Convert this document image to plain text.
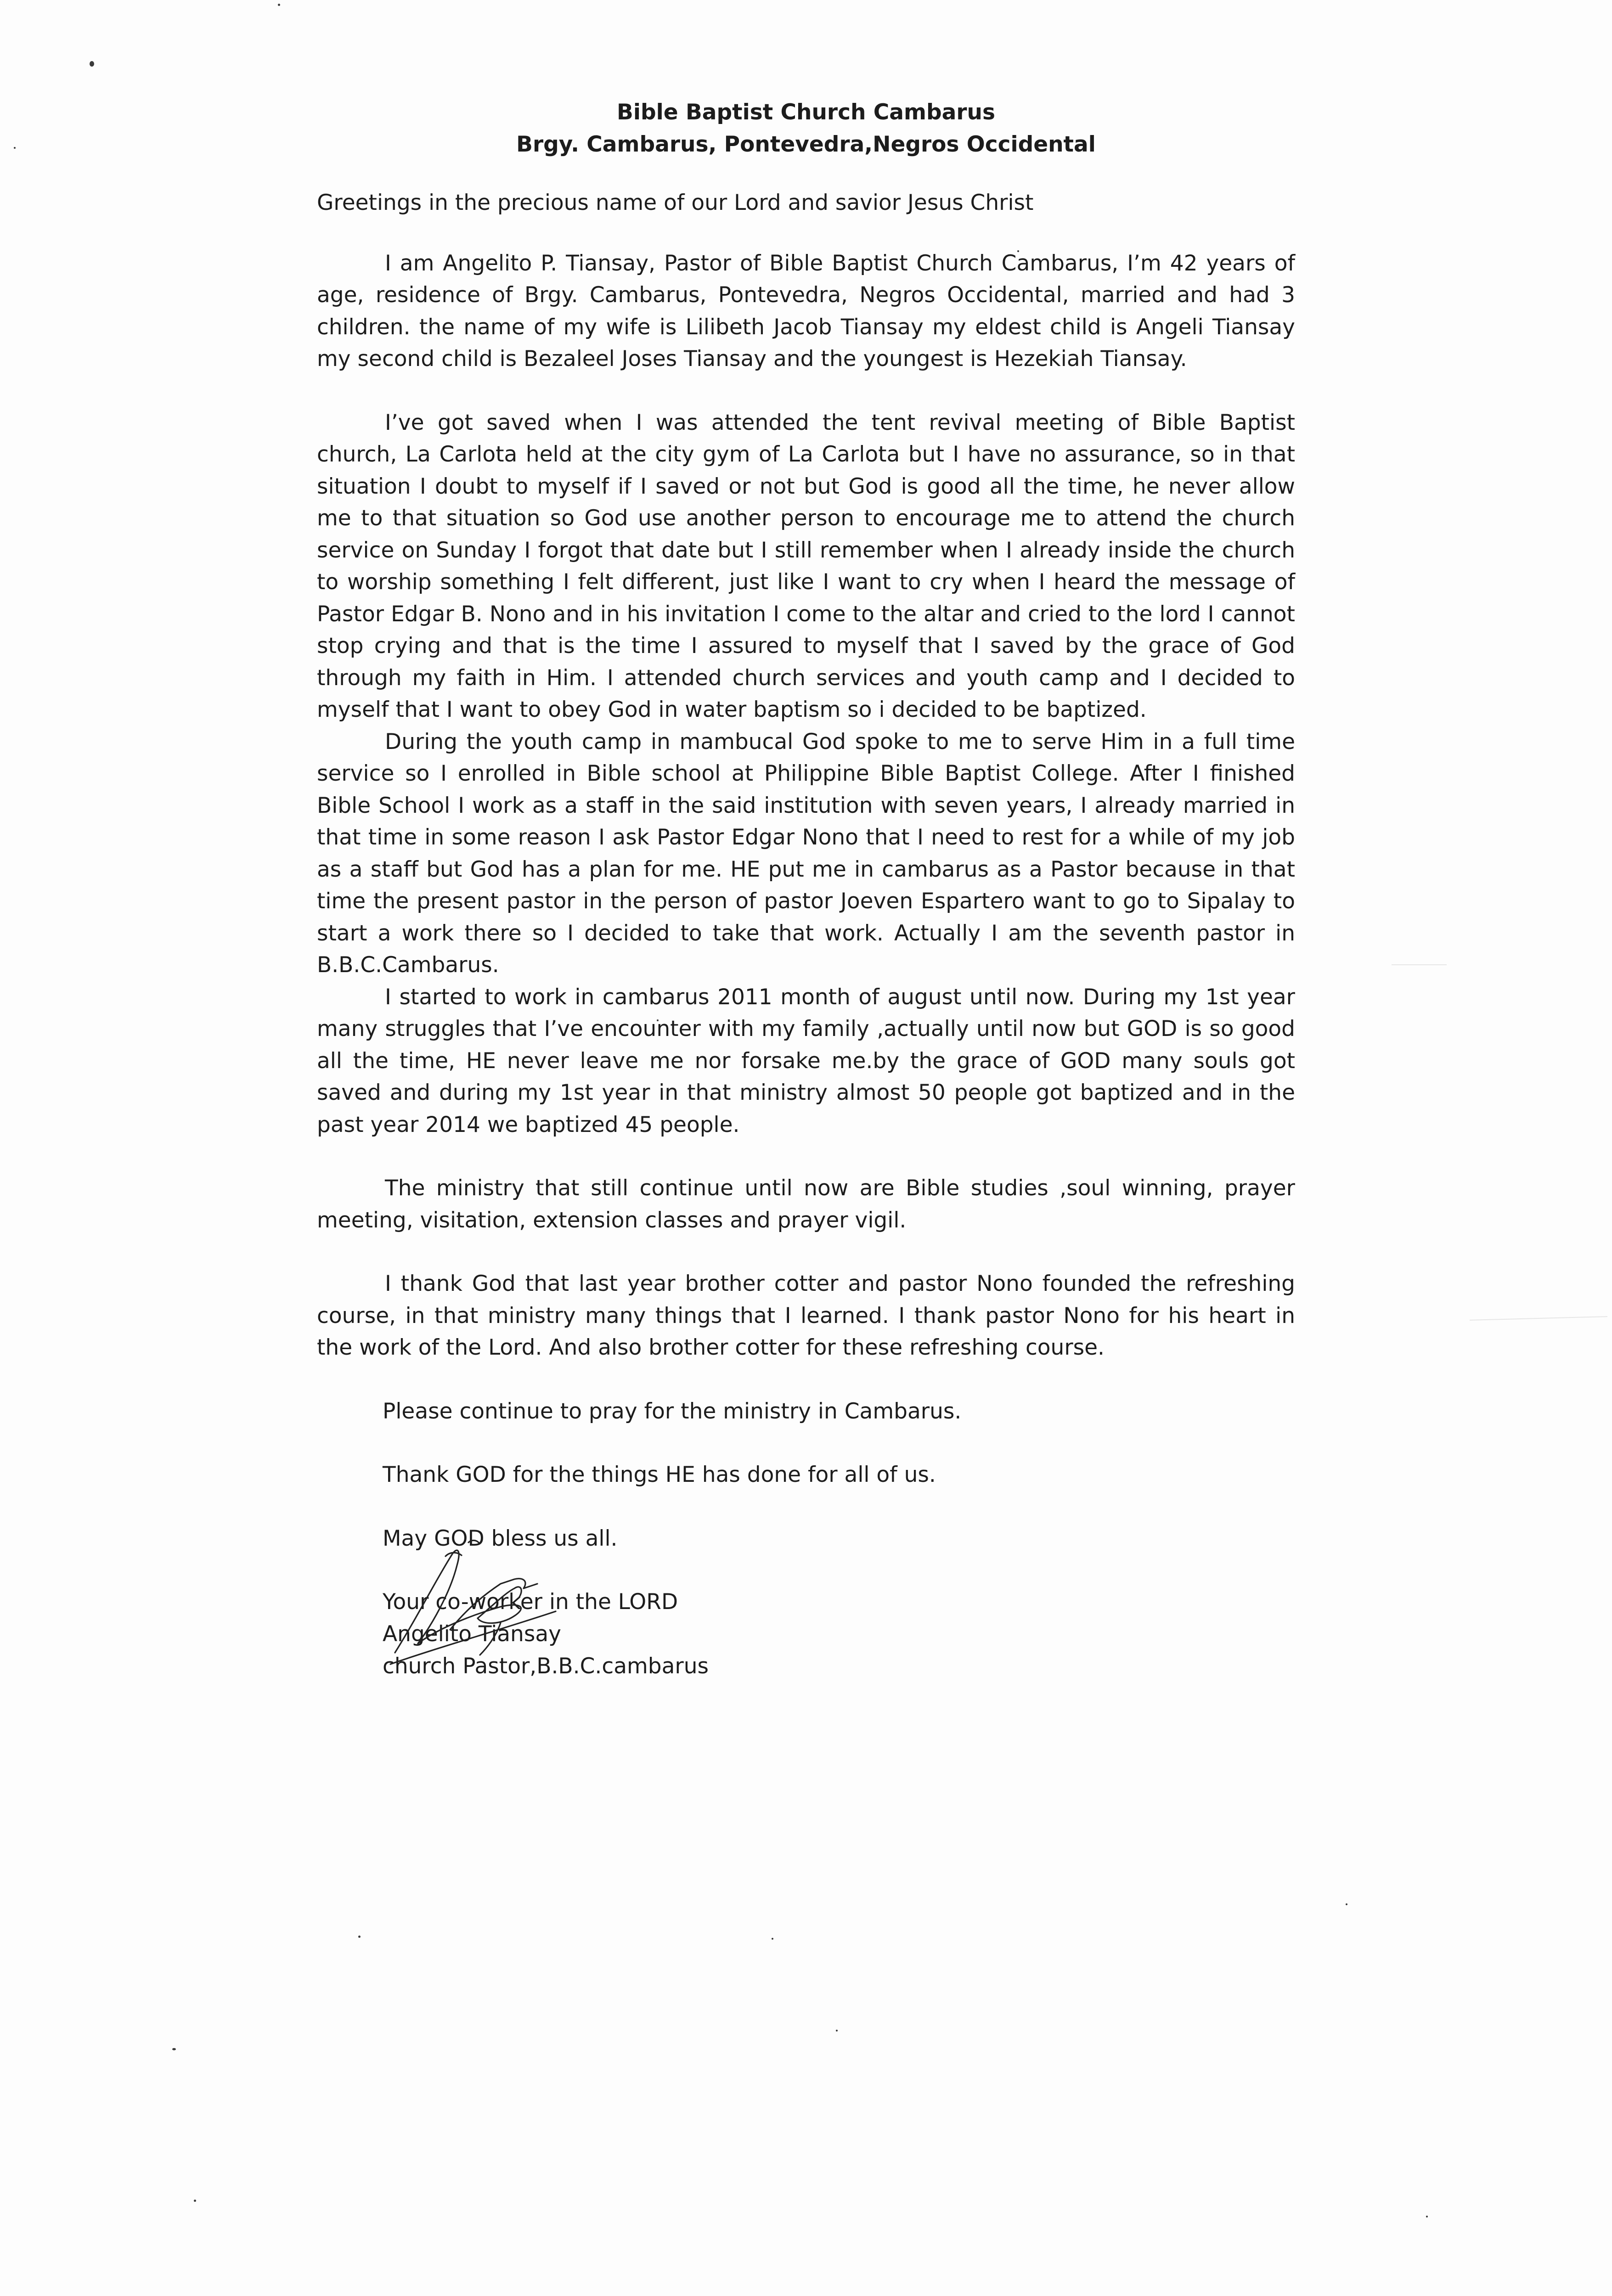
Bible Baptist Church Cambarus
Brgy. Cambarus, Pontevedra,Negros Occidental

Greetings in the precious name of our Lord and savior Jesus Christ

I am Angelito P. Tiansay, Pastor of Bible Baptist Church Cambarus, I’m 42 years of age, residence of Brgy. Cambarus, Pontevedra, Negros Occidental, married and had 3 children. the name of my wife is Lilibeth Jacob Tiansay my eldest child is Angeli Tiansay my second child is Bezaleel Joses Tiansay and the youngest is Hezekiah Tiansay.

I’ve got saved when I was attended the tent revival meeting of Bible Baptist church, La Carlota held at the city gym of La Carlota but I have no assurance, so in that situation I doubt to myself if I saved or not but God is good all the time, he never allow me to that situation so God use another person to encourage me to attend the church service on Sunday I forgot that date but I still remember when I already inside the church to worship something I felt different, just like I want to cry when I heard the message of Pastor Edgar B. Nono and in his invitation I come to the altar and cried to the lord I cannot stop crying and that is the time I assured to myself that I saved by the grace of God through my faith in Him. I attended church services and youth camp and I decided to myself that I want to obey God in water baptism so i decided to be baptized.

During the youth camp in mambucal God spoke to me to serve Him in a full time service so I enrolled in Bible school at Philippine Bible Baptist College. After I finished Bible School I work as a staff in the said institution with seven years, I already married in that time in some reason I ask Pastor Edgar Nono that I need to rest for a while of my job as a staff but God has a plan for me. HE put me in cambarus as a Pastor because in that time the present pastor in the person of pastor Joeven Espartero want to go to Sipalay to start a work there so I decided to take that work. Actually I am the seventh pastor in B.B.C.Cambarus.

I started to work in cambarus 2011 month of august until now. During my 1st year many struggles that I’ve encounter with my family ,actually until now but GOD is so good all the time, HE never leave me nor forsake me.by the grace of GOD many souls got saved and during my 1st year in that ministry almost 50 people got baptized and in the past year 2014 we baptized 45 people.

The ministry that still continue until now are Bible studies ,soul winning, prayer meeting, visitation, extension classes and prayer vigil.

I thank God that last year brother cotter and pastor Nono founded the refreshing course, in that ministry many things that I learned. I thank pastor Nono for his heart in the work of the Lord. And also brother cotter for these refreshing course.

Please continue to pray for the ministry in Cambarus.

Thank GOD for the things HE has done for all of us.

May GOD bless us all.

Your co-worker in the LORD
Angelito Tiansay
church Pastor,B.B.C.cambarus
